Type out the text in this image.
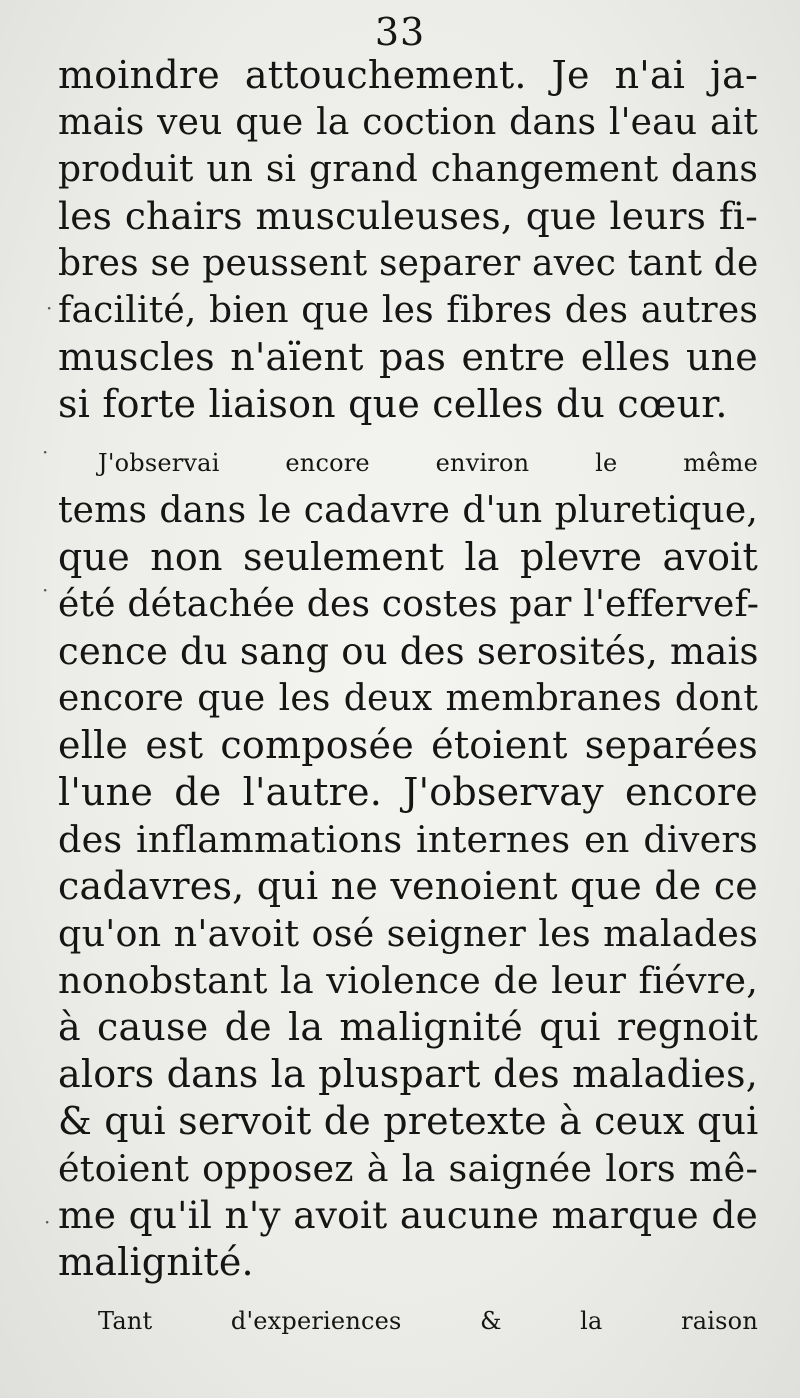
33
·
·
·
·
moindre attouchement. Je n'ai ja-
mais veu que la coction dans l'eau ait
produit un si grand changement dans
les chairs musculeuses, que leurs fi-
bres se peussent separer avec tant de
facilité, bien que les fibres des autres
muscles n'aïent pas entre elles une
si forte liaison que celles du cœur.
J'observai encore environ le même
tems dans le cadavre d'un pluretique,
que non seulement la plevre avoit
été détachée des costes par l'effervef-
cence du sang ou des serosités, mais
encore que les deux membranes dont
elle est composée étoient separées
l'une de l'autre. J'observay encore
des inflammations internes en divers
cadavres, qui ne venoient que de ce
qu'on n'avoit osé seigner les malades
nonobstant la violence de leur fiévre,
à cause de la malignité qui regnoit
alors dans la pluspart des maladies,
& qui servoit de pretexte à ceux qui
étoient opposez à la saignée lors mê-
me qu'il n'y avoit aucune marque de
malignité.
Tant d'experiences & la raison
